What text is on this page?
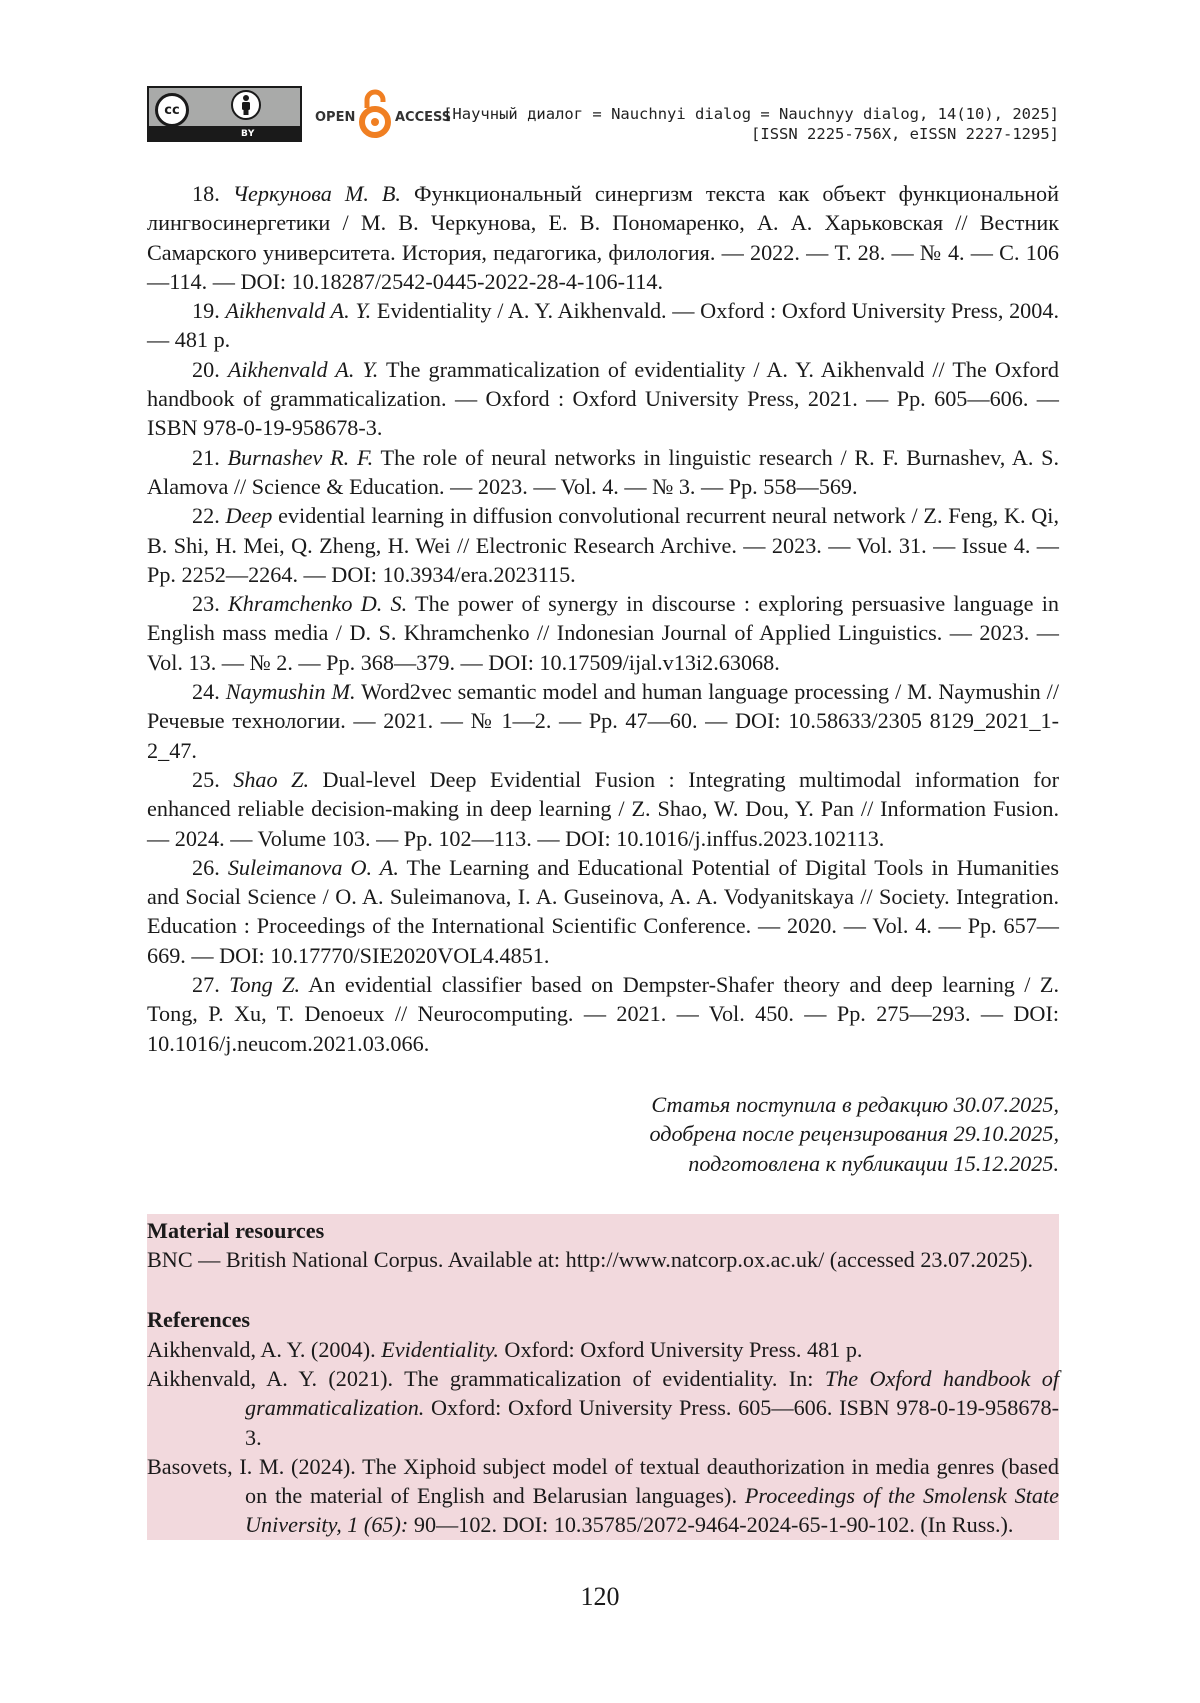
cc
BY
OPEN	ACCESS
[Научный диалог = Nauchnyi dialog = Nauchnyy dialog, 14(10), 2025]
[ISSN 2225-756X, eISSN 2227-1295]

18. Черкунова М. В. Функциональный синергизм текста как объект функциональной лингвосинергетики / М. В. Черкунова, Е. В. Пономаренко, А. А. Харьковская // Вестник Самарского университета. История, педагогика, филология. — 2022. — Т. 28. — № 4. — С. 106—114. — DOI: 10.18287/2542-0445-2022-28-4-106-114.

19. Aikhenvald A. Y. Evidentiality / A. Y. Aikhenvald. — Oxford : Oxford University Press, 2004. — 481 p.

20. Aikhenvald A. Y. The grammaticalization of evidentiality / A. Y. Aikhenvald // The Oxford handbook of grammaticalization. — Oxford : Oxford University Press, 2021. — Pp. 605—606. — ISBN 978-0-19-958678-3.

21. Burnashev R. F. The role of neural networks in linguistic research / R. F. Burnashev, A. S. Alamova // Science & Education. — 2023. — Vol. 4. — № 3. — Pp. 558—569.

22. Deep evidential learning in diffusion convolutional recurrent neural network / Z. Feng, K. Qi, B. Shi, H. Mei, Q. Zheng, H. Wei // Electronic Research Archive. — 2023. — Vol. 31. — Issue 4. — Pp. 2252—2264. — DOI: 10.3934/era.2023115.

23. Khramchenko D. S. The power of synergy in discourse : exploring persuasive language in English mass media / D. S. Khramchenko // Indonesian Journal of Applied Linguistics. — 2023. — Vol. 13. — № 2. — Pp. 368—379. — DOI: 10.17509/ijal.v13i2.63068.

24. Naymushin M. Word2vec semantic model and human language processing / M. Naymushin // Речевые технологии. — 2021. — № 1—2. — Pp. 47—60. — DOI: 10.58633/2305 8129_2021_1-2_47.

25. Shao Z. Dual-level Deep Evidential Fusion : Integrating multimodal information for enhanced reliable decision-making in deep learning / Z. Shao, W. Dou, Y. Pan // Information Fusion. — 2024. — Volume 103. — Pp. 102—113. — DOI: 10.1016/j.inffus.2023.102113.

26. Suleimanova O. A. The Learning and Educational Potential of Digital Tools in Humanities and Social Science / O. A. Suleimanova, I. A. Guseinova, A. A. Vodyanitskaya // Society. Integration. Education : Proceedings of the International Scientific Conference. — 2020. — Vol. 4. — Pp. 657—669. — DOI: 10.17770/SIE2020VOL4.4851.

27. Tong Z. An evidential classifier based on Dempster-Shafer theory and deep learning / Z. Tong, P. Xu, T. Denoeux // Neurocomputing. — 2021. — Vol. 450. — Pp. 275—293. — DOI: 10.1016/j.neucom.2021.03.066.

Статья поступила в редакцию 30.07.2025,
одобрена после рецензирования 29.10.2025,
подготовлена к публикации 15.12.2025.
Material resources

BNC — British National Corpus. Available at: http://www.natcorp.ox.ac.uk/ (accessed 23.07.2025).

References

Aikhenvald, A. Y. (2004). Evidentiality. Oxford: Oxford University Press. 481 p.

Aikhenvald, A. Y. (2021). The grammaticalization of evidentiality. In: The Oxford handbook of grammaticalization. Oxford: Oxford University Press. 605—606. ISBN 978-0-19-958678-3.

Basovets, I. M. (2024). The Xiphoid subject model of textual deauthorization in media genres (based on the material of English and Belarusian languages). Proceedings of the Smolensk State University, 1 (65): 90—102. DOI: 10.35785/2072-9464-2024-65-1-90-102. (In Russ.).

120
